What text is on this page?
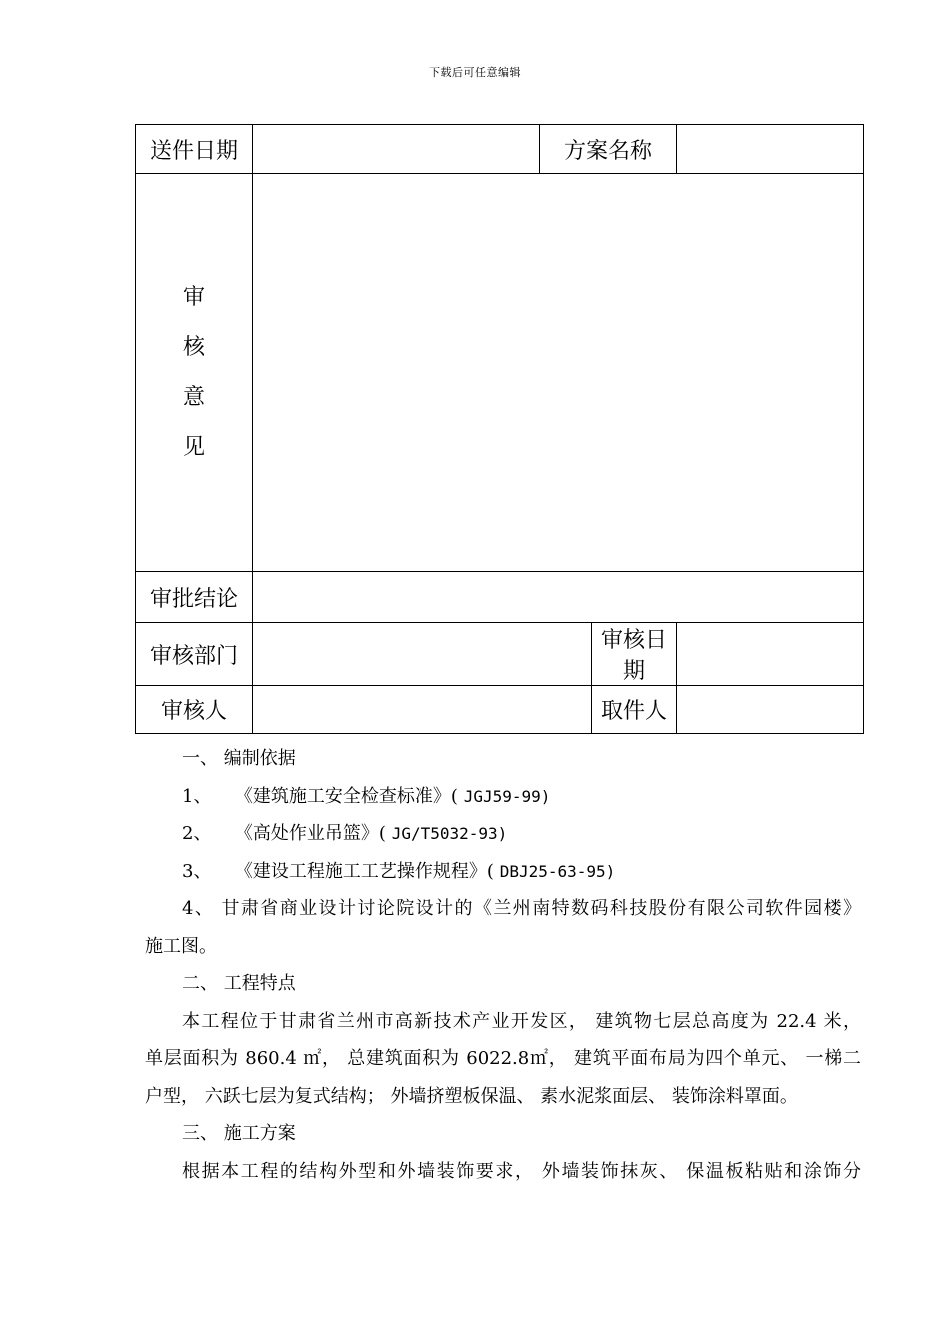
下载后可任意编辑
送件日期		方案名称		

审
核
意
见				

审批结论				
审核部门			审核日期	
审核人			取件人	
一、 编制依据
1、 《建筑施工安全检查标准》( JGJ59-99)
2、 《高处作业吊篮》( JG/T5032-93)
3、 《建设工程施工工艺操作规程》( DBJ25-63-95)
4、 甘肃省商业设计讨论院设计的《兰州南特数码科技股份有限公司软件园楼》
施工图。
二、 工程特点
本工程位于甘肃省兰州市高新技术产业开发区， 建筑物七层总高度为 22.4 米，
单层面积为 860.4 ㎡， 总建筑面积为 6022.8㎡， 建筑平面布局为四个单元、 一梯二
户型， 六跃七层为复式结构； 外墙挤塑板保温、 素水泥浆面层、 装饰涂料罩面。
三、 施工方案
根据本工程的结构外型和外墙装饰要求， 外墙装饰抹灰、 保温板粘贴和涂饰分
